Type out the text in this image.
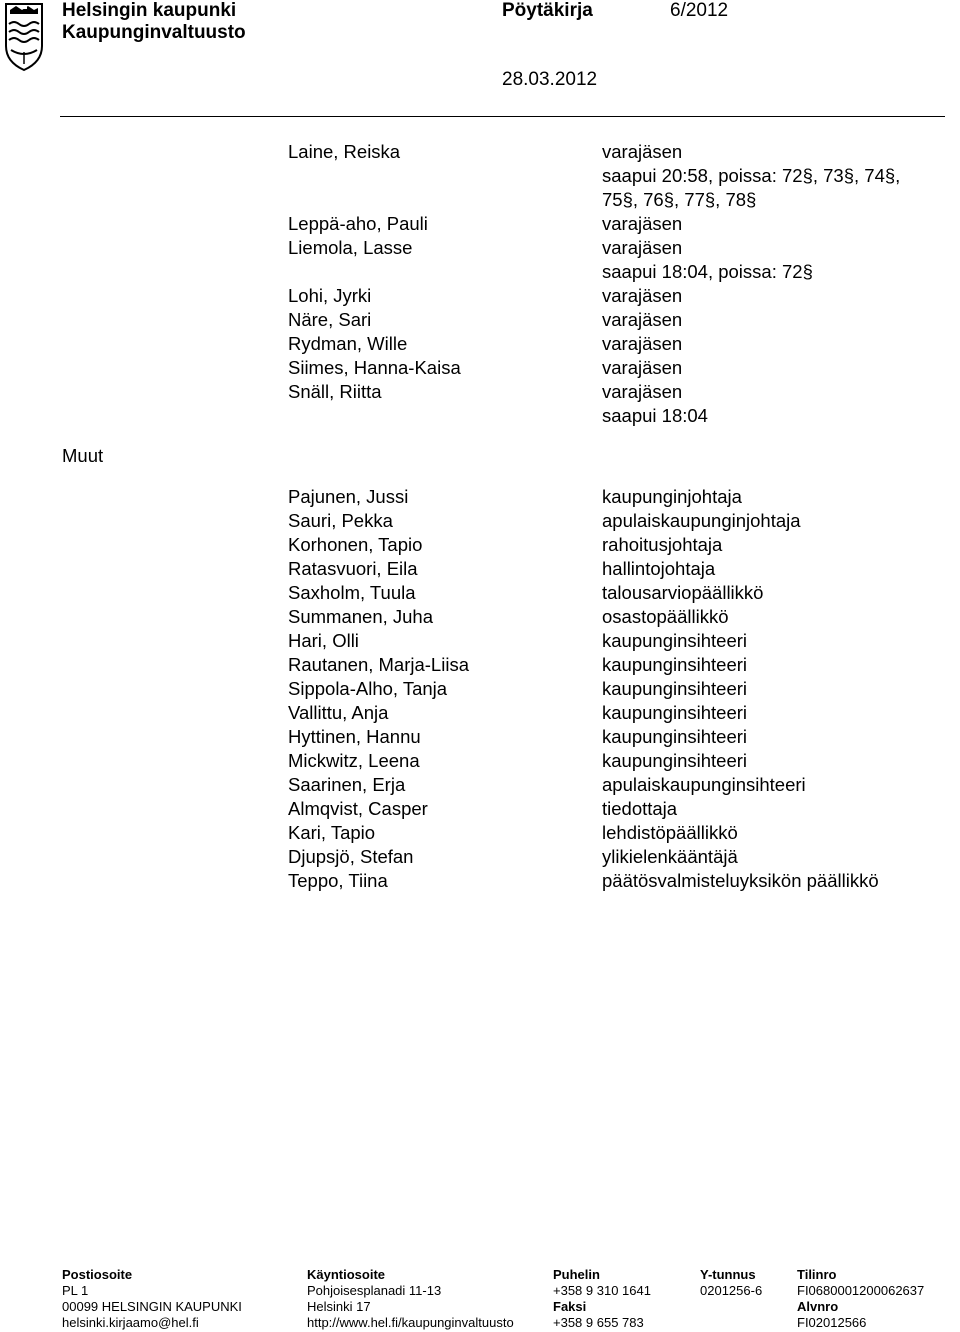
Helsingin kaupunki
Kaupunginvaltuusto
Pöytäkirja	6/2012
28.03.2012
Laine, Reiska	varajäsen
saapui 20:58, poissa: 72§, 73§, 74§,
75§, 76§, 77§, 78§
Leppä-aho, Pauli	varajäsen
Liemola, Lasse	varajäsen
saapui 18:04, poissa: 72§
Lohi, Jyrki	varajäsen
Näre, Sari	varajäsen
Rydman, Wille	varajäsen
Siimes, Hanna-Kaisa	varajäsen
Snäll, Riitta	varajäsen
saapui 18:04
Muut
Pajunen, Jussi	kaupunginjohtaja
Sauri, Pekka	apulaiskaupunginjohtaja
Korhonen, Tapio	rahoitusjohtaja
Ratasvuori, Eila	hallintojohtaja
Saxholm, Tuula	talousarviopäällikkö
Summanen, Juha	osastopäällikkö
Hari, Olli	kaupunginsihteeri
Rautanen, Marja-Liisa	kaupunginsihteeri
Sippola-Alho, Tanja	kaupunginsihteeri
Vallittu, Anja	kaupunginsihteeri
Hyttinen, Hannu	kaupunginsihteeri
Mickwitz, Leena	kaupunginsihteeri
Saarinen, Erja	apulaiskaupunginsihteeri
Almqvist, Casper	tiedottaja
Kari, Tapio	lehdistöpäällikkö
Djupsjö, Stefan	ylikielenkääntäjä
Teppo, Tiina	päätösvalmisteluyksikön päällikkö
Postiosoite
PL 1
00099 HELSINGIN KAUPUNKI
helsinki.kirjaamo@hel.fi
Käyntiosoite
Pohjoisesplanadi 11-13
Helsinki 17
http://www.hel.fi/kaupunginvaltuusto
Puhelin
+358 9 310 1641
Faksi
+358 9 655 783
Y-tunnus
0201256-6
Tilinro
FI0680001200062637
Alvnro
FI02012566
